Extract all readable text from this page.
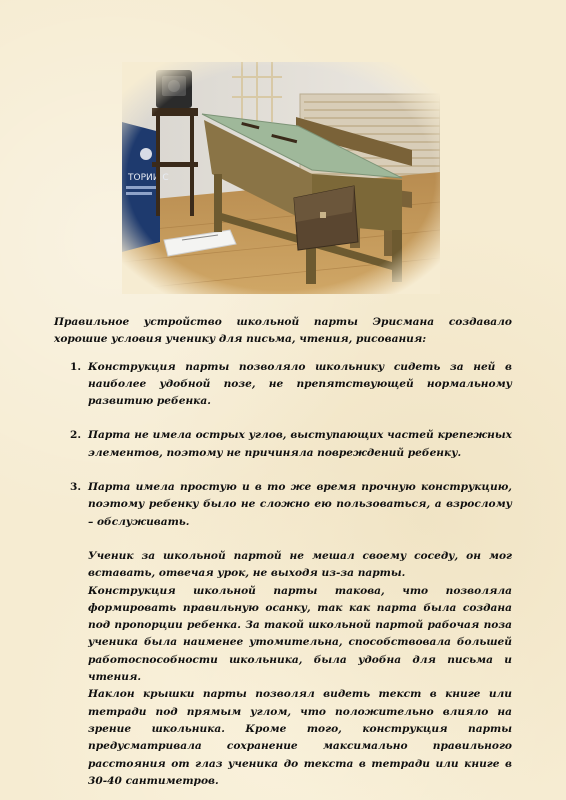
Правильное устройство школьной парты Эрисмана создавало хорошие условия ученику для письма, чтения, рисования:

1. Конструкция парты позволяло школьнику сидеть за ней в наиболее удобной позе, не препятствующей нормальному развитию ребенка.
2. Парта не имела острых углов, выступающих частей крепежных элементов, поэтому не причиняла повреждений ребенку.
3. Парта имела простую и в то же время прочную конструкцию, поэтому ребенку было не сложно ею пользоваться, а взрослому – обслуживать.

Ученик за школьной партой не мешал своему соседу, он мог вставать, отвечая урок, не выходя из-за парты.

Конструкция школьной парты такова, что позволяла формировать правильную осанку, так как парта была создана под пропорции ребенка. За такой школьной партой рабочая поза ученика была наименее утомительна, способствовала большей работоспособности школьника, была удобна для письма и чтения.

Наклон крышки парты позволял видеть текст в книге или тетради под прямым углом, что положительно влияло на зрение школьника. Кроме того, конструкция парты предусматривала сохранение максимально правильного расстояния от глаз ученика до текста в тетради или книге в 30-40 сантиметров.
